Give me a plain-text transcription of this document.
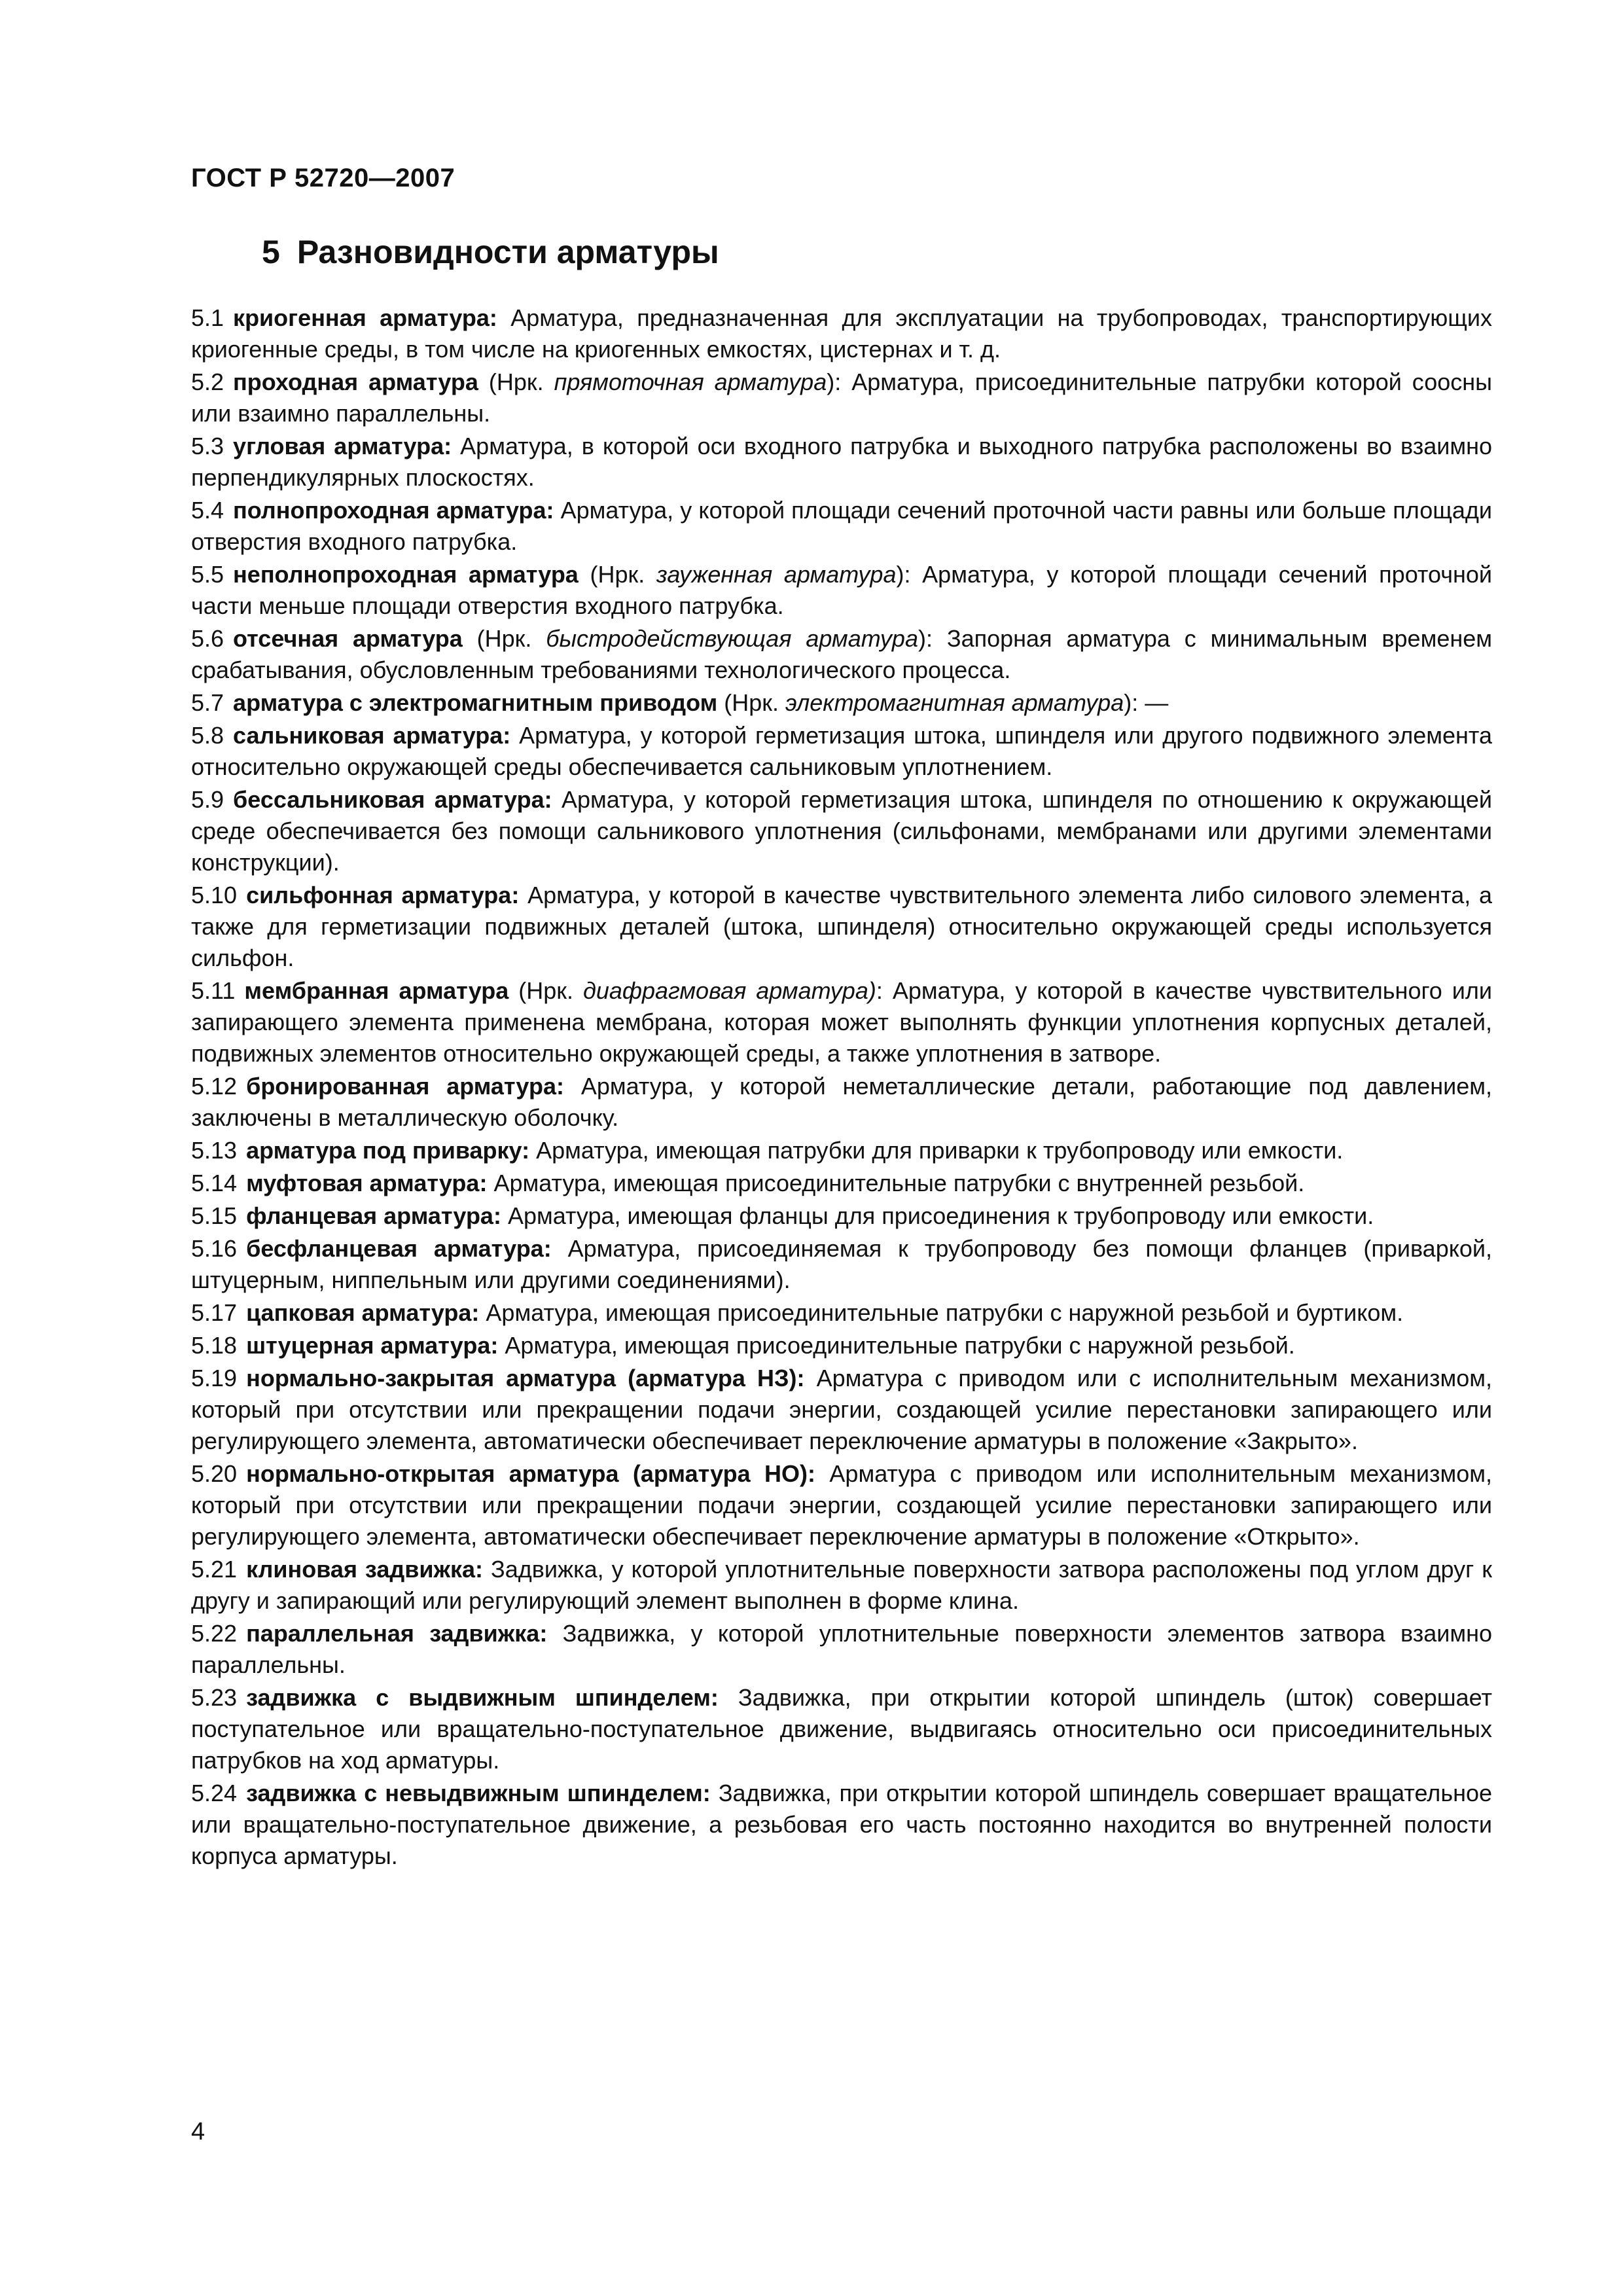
ГОСТ Р 52720—2007
5 Разновидности арматуры

5.1 криогенная арматура: Арматура, предназначенная для эксплуатации на трубопроводах, транспортирующих криогенные среды, в том числе на криогенных емкостях, цистернах и т. д.

5.2 проходная арматура (Нрк. прямоточная арматура): Арматура, присоединительные патрубки которой соосны или взаимно параллельны.

5.3 угловая арматура: Арматура, в которой оси входного патрубка и выходного патрубка расположены во взаимно перпендикулярных плоскостях.

5.4 полнопроходная арматура: Арматура, у которой площади сечений проточной части равны или больше площади отверстия входного патрубка.

5.5 неполнопроходная арматура (Нрк. зауженная арматура): Арматура, у которой площади сечений проточной части меньше площади отверстия входного патрубка.

5.6 отсечная арматура (Нрк. быстродействующая арматура): Запорная арматура с минимальным временем срабатывания, обусловленным требованиями технологического процесса.

5.7 арматура с электромагнитным приводом (Нрк. электромагнитная арматура): —

5.8 сальниковая арматура: Арматура, у которой герметизация штока, шпинделя или другого подвижного элемента относительно окружающей среды обеспечивается сальниковым уплотнением.

5.9 бессальниковая арматура: Арматура, у которой герметизация штока, шпинделя по отношению к окружающей среде обеспечивается без помощи сальникового уплотнения (сильфонами, мембранами или другими элементами конструкции).

5.10 сильфонная арматура: Арматура, у которой в качестве чувствительного элемента либо силового элемента, а также для герметизации подвижных деталей (штока, шпинделя) относительно окружающей среды используется сильфон.

5.11 мембранная арматура (Нрк. диафрагмовая арматура): Арматура, у которой в качестве чувствительного или запирающего элемента применена мембрана, которая может выполнять функции уплотнения корпусных деталей, подвижных элементов относительно окружающей среды, а также уплотнения в затворе.

5.12 бронированная арматура: Арматура, у которой неметаллические детали, работающие под давлением, заключены в металлическую оболочку.

5.13 арматура под приварку: Арматура, имеющая патрубки для приварки к трубопроводу или емкости.

5.14 муфтовая арматура: Арматура, имеющая присоединительные патрубки с внутренней резьбой.

5.15 фланцевая арматура: Арматура, имеющая фланцы для присоединения к трубопроводу или емкости.

5.16 бесфланцевая арматура: Арматура, присоединяемая к трубопроводу без помощи фланцев (приваркой, штуцерным, ниппельным или другими соединениями).

5.17 цапковая арматура: Арматура, имеющая присоединительные патрубки с наружной резьбой и буртиком.

5.18 штуцерная арматура: Арматура, имеющая присоединительные патрубки с наружной резьбой.

5.19 нормально-закрытая арматура (арматура НЗ): Арматура с приводом или с исполнительным механизмом, который при отсутствии или прекращении подачи энергии, создающей усилие перестановки запирающего или регулирующего элемента, автоматически обеспечивает переключение арматуры в положение «Закрыто».

5.20 нормально-открытая арматура (арматура НО): Арматура с приводом или исполнительным механизмом, который при отсутствии или прекращении подачи энергии, создающей усилие перестановки запирающего или регулирующего элемента, автоматически обеспечивает переключение арматуры в положение «Открыто».

5.21 клиновая задвижка: Задвижка, у которой уплотнительные поверхности затвора расположены под углом друг к другу и запирающий или регулирующий элемент выполнен в форме клина.

5.22 параллельная задвижка: Задвижка, у которой уплотнительные поверхности элементов затвора взаимно параллельны.

5.23 задвижка с выдвижным шпинделем: Задвижка, при открытии которой шпиндель (шток) совершает поступательное или вращательно-поступательное движение, выдвигаясь относительно оси присоединительных патрубков на ход арматуры.

5.24 задвижка с невыдвижным шпинделем: Задвижка, при открытии которой шпиндель совершает вращательное или вращательно-поступательное движение, а резьбовая его часть постоянно находится во внутренней полости корпуса арматуры.

4
